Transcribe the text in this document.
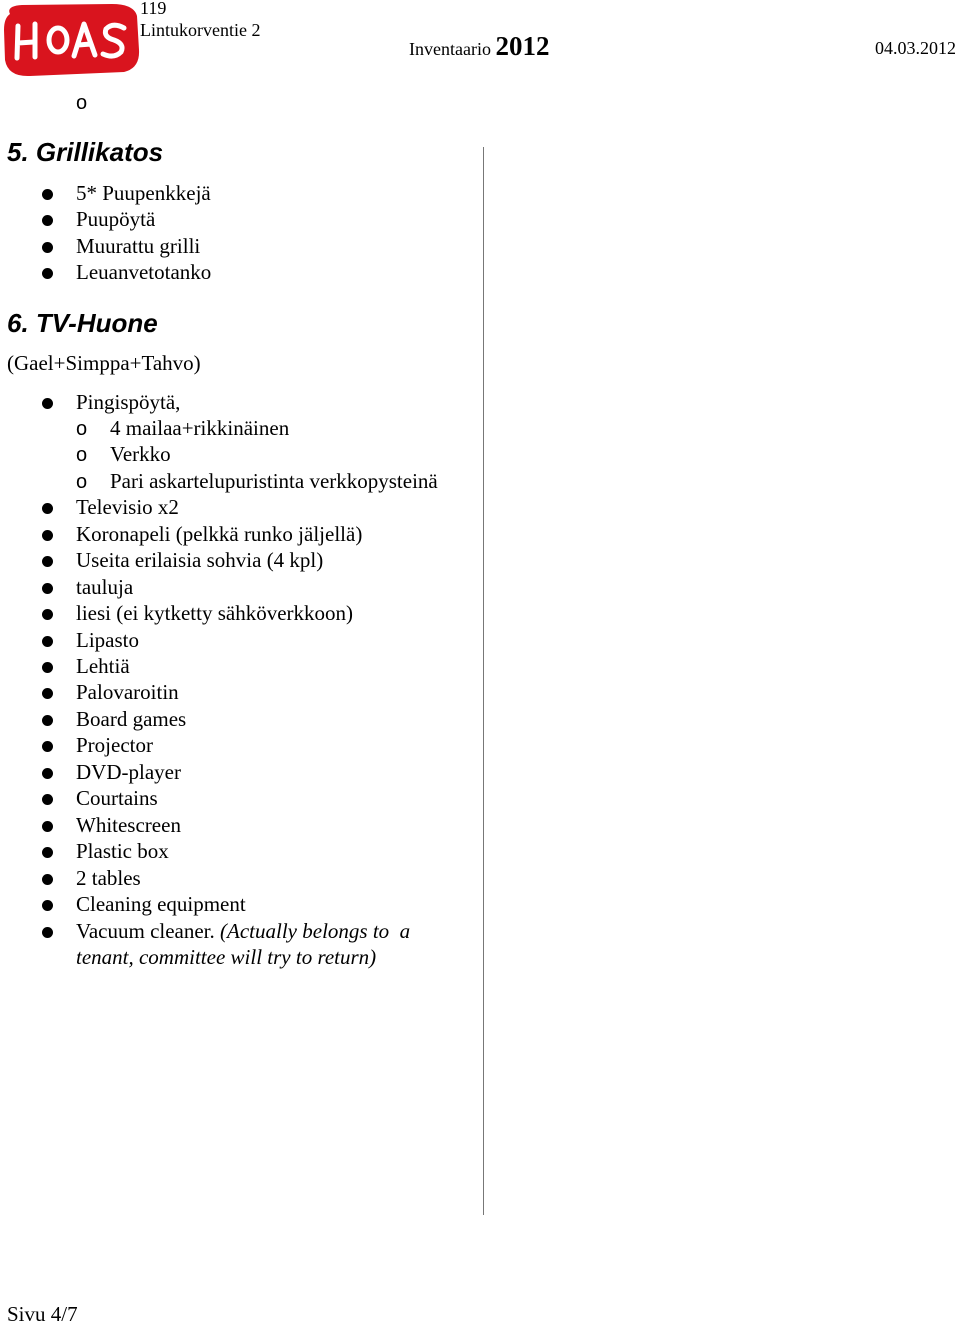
HOAS
119
Lintukorventie 2
Inventaario 2012	04.03.2012
o
5. Grillikatos
5* Puupenkkejä
Puupöytä
Muurattu grilli
Leuanvetotanko
6. TV-Huone
(Gael+Simppa+Tahvo)
Pingispöytä,
o 4 mailaa+rikkinäinen
o Verkko
o Pari askartelupuristinta verkkopysteinä
Televisio x2
Koronapeli (pelkkä runko jäljellä)
Useita erilaisia sohvia (4 kpl)
tauluja
liesi (ei kytketty sähköverkkoon)
Lipasto
Lehtiä
Palovaroitin
Board games
Projector
DVD-player
Courtains
Whitescreen
Plastic box
2 tables
Cleaning equipment
Vacuum cleaner. (Actually belongs to  a
tenant, committee will try to return)
Sivu 4/7
